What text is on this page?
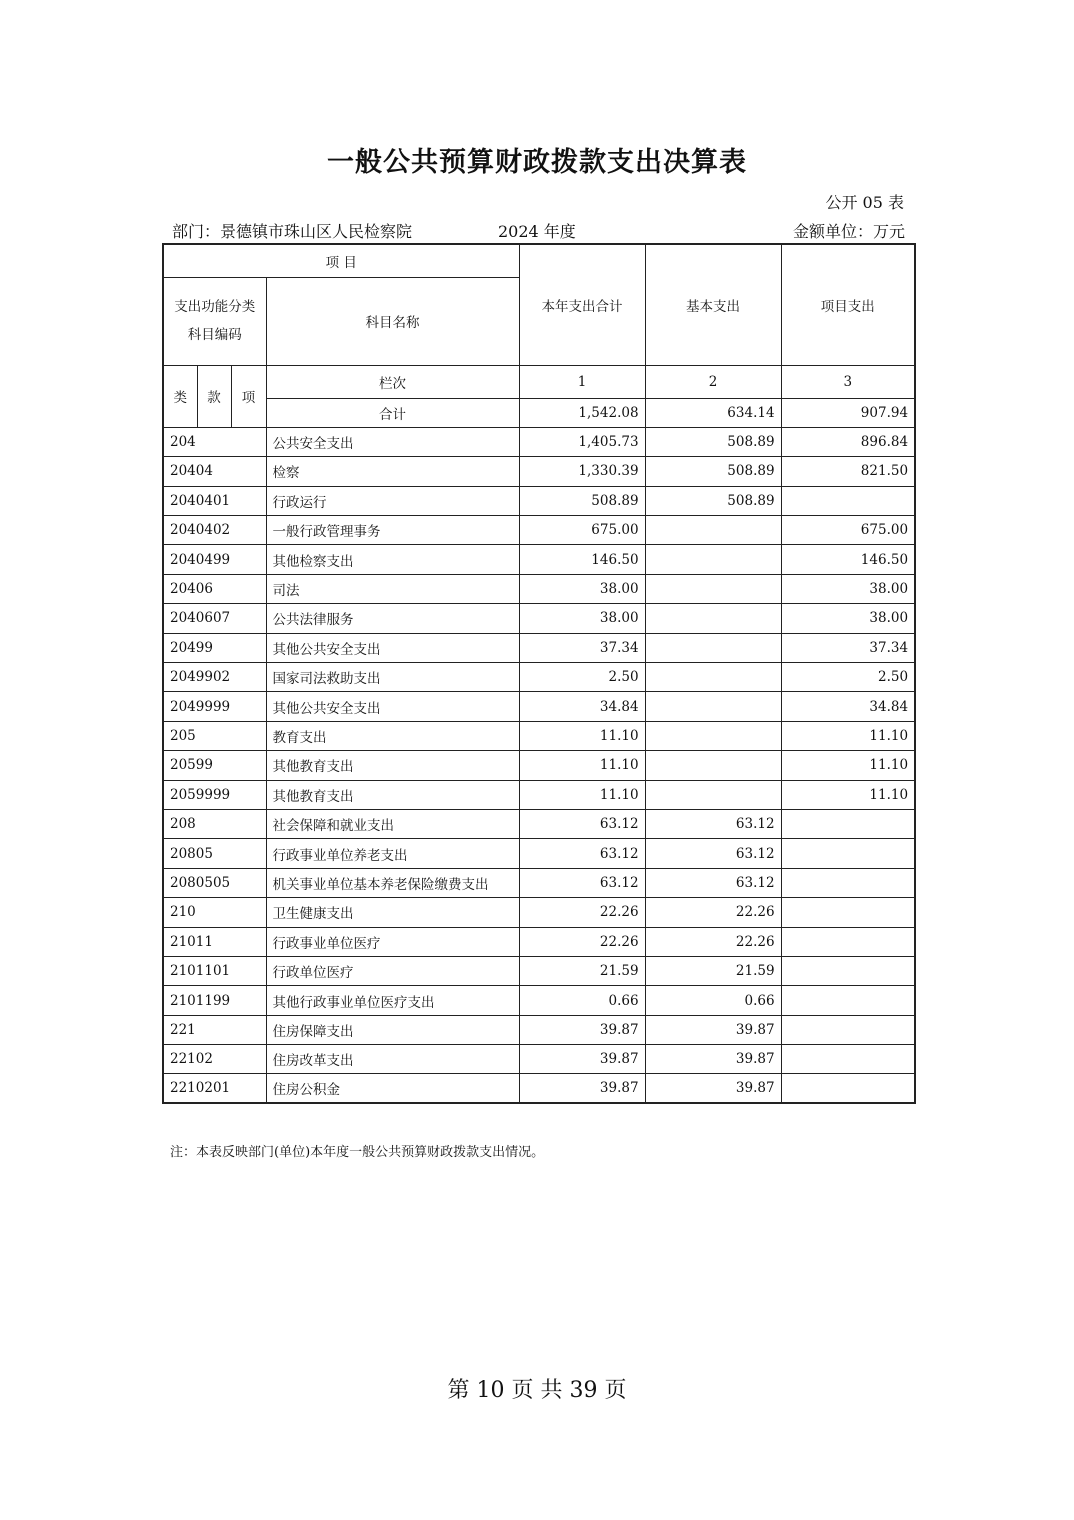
一般公共预算财政拨款支出决算表
公开 05 表
部门：景德镇市珠山区人民检察院	2024 年度	金额单位：万元
项 目				本年支出合计	基本支出	项目支出
支出功能分类科目编码			科目名称			
类	款	项	栏次	1	2	3
			合计	1,542.08	634.14	907.94
204			公共安全支出	1,405.73	508.89	896.84
20404			检察	1,330.39	508.89	821.50
2040401			行政运行	508.89	508.89	
2040402			一般行政管理事务	675.00		675.00
2040499			其他检察支出	146.50		146.50
20406			司法	38.00		38.00
2040607			公共法律服务	38.00		38.00
20499			其他公共安全支出	37.34		37.34
2049902			国家司法救助支出	2.50		2.50
2049999			其他公共安全支出	34.84		34.84
205			教育支出	11.10		11.10
20599			其他教育支出	11.10		11.10
2059999			其他教育支出	11.10		11.10
208			社会保障和就业支出	63.12	63.12	
20805			行政事业单位养老支出	63.12	63.12	
2080505			机关事业单位基本养老保险缴费支出	63.12	63.12	
210			卫生健康支出	22.26	22.26	
21011			行政事业单位医疗	22.26	22.26	
2101101			行政单位医疗	21.59	21.59	
2101199			其他行政事业单位医疗支出	0.66	0.66	
221			住房保障支出	39.87	39.87	
22102			住房改革支出	39.87	39.87	
2210201			住房公积金	39.87	39.87	
注：本表反映部门(单位)本年度一般公共预算财政拨款支出情况。
第 10 页 共 39 页
